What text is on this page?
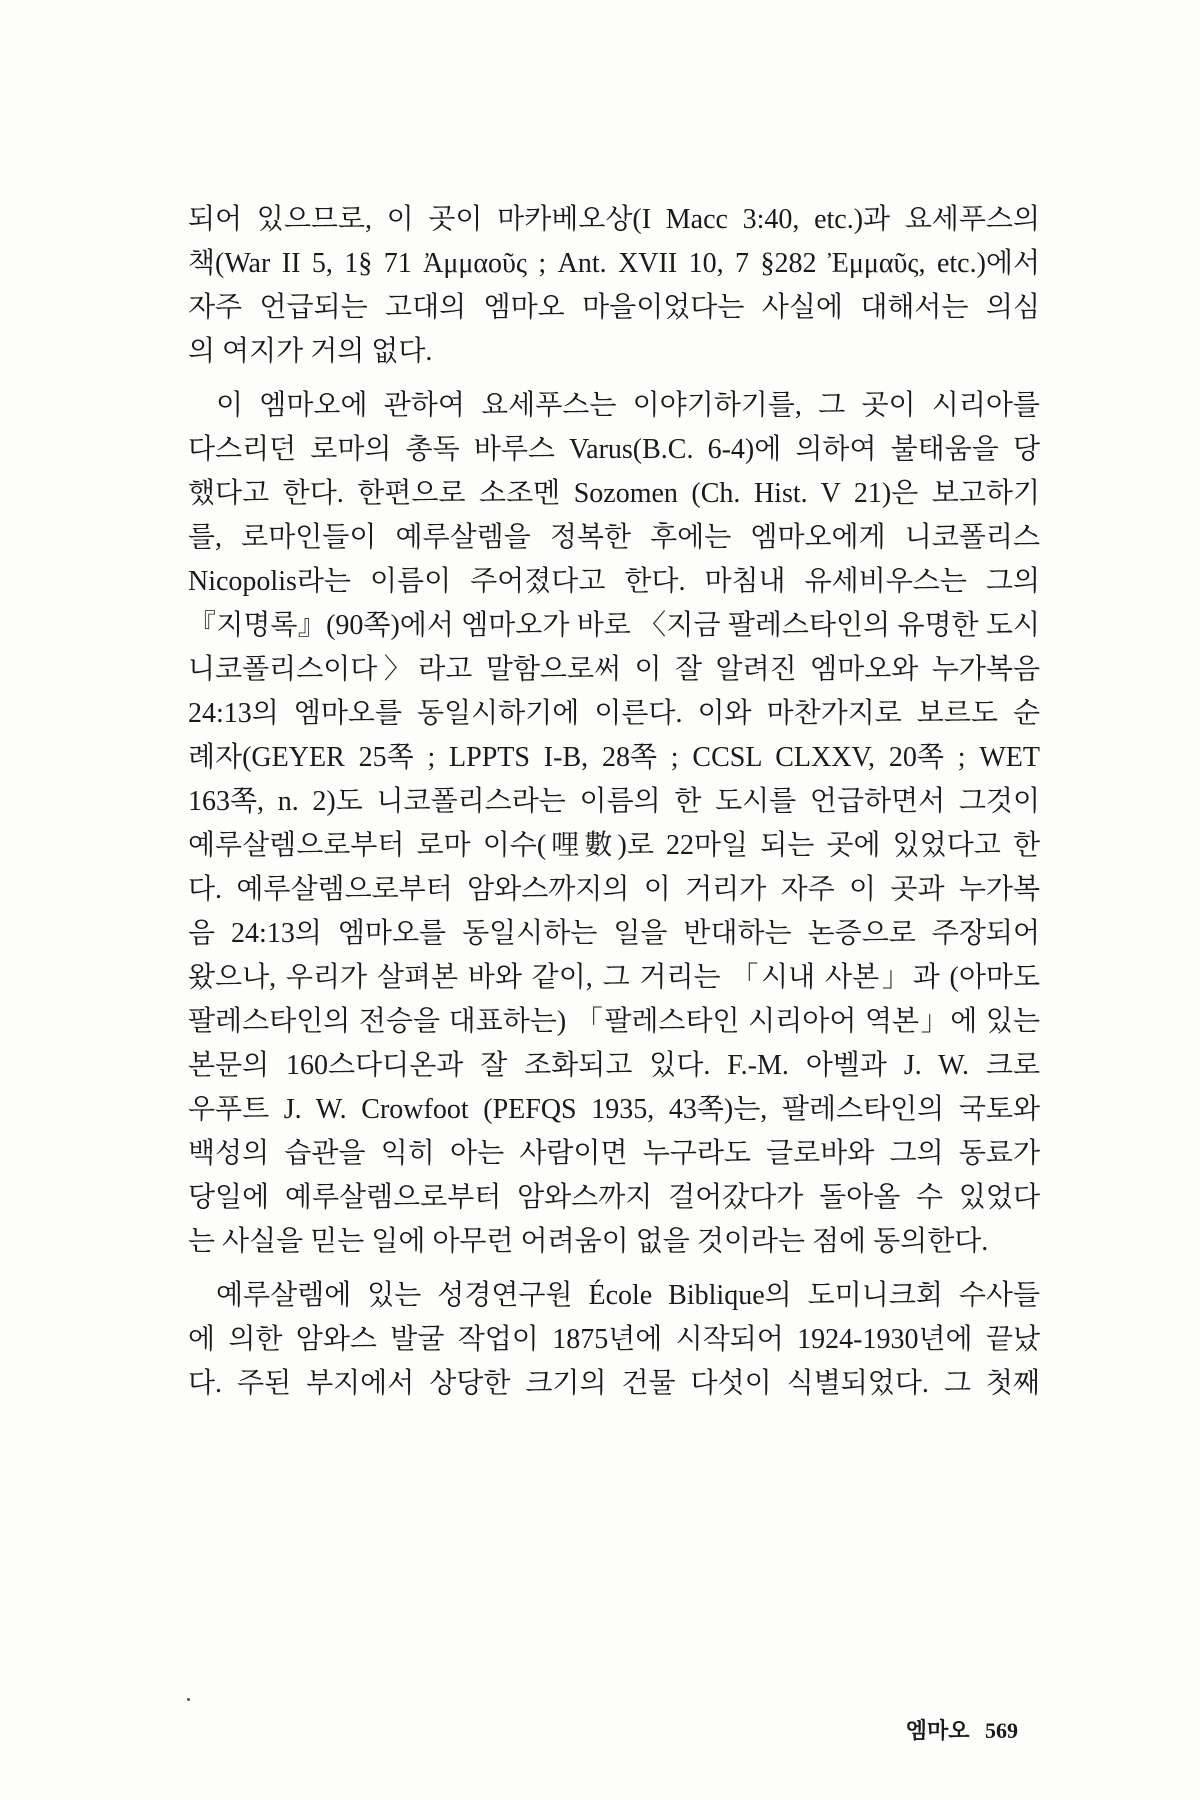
되어 있으므로, 이 곳이 마카베오상(I Macc 3:40, etc.)과 요세푸스의
책(War II 5, 1§ 71 Ἀμμαοῦς ; Ant. XVII 10, 7 §282 Ἐμμαῦς, etc.)에서
자주 언급되는 고대의 엠마오 마을이었다는 사실에 대해서는 의심
의 여지가 거의 없다.
이 엠마오에 관하여 요세푸스는 이야기하기를, 그 곳이 시리아를
다스리던 로마의 총독 바루스 Varus(B.C. 6-4)에 의하여 불태움을 당
했다고 한다. 한편으로 소조멘 Sozomen (Ch. Hist. V 21)은 보고하기
를, 로마인들이 예루살렘을 정복한 후에는 엠마오에게 니코폴리스
Nicopolis라는 이름이 주어졌다고 한다. 마침내 유세비우스는 그의
『지명록』(90쪽)에서 엠마오가 바로 〈지금 팔레스타인의 유명한 도시
니코폴리스이다〉라고 말함으로써 이 잘 알려진 엠마오와 누가복음
24:13의 엠마오를 동일시하기에 이른다. 이와 마찬가지로 보르도 순
례자(GEYER 25쪽 ; LPPTS I-B, 28쪽 ; CCSL CLXXV, 20쪽 ; WET
163쪽, n. 2)도 니코폴리스라는 이름의 한 도시를 언급하면서 그것이
예루살렘으로부터 로마 이수(哩數)로 22마일 되는 곳에 있었다고 한
다. 예루살렘으로부터 암와스까지의 이 거리가 자주 이 곳과 누가복
음 24:13의 엠마오를 동일시하는 일을 반대하는 논증으로 주장되어
왔으나, 우리가 살펴본 바와 같이, 그 거리는 「시내 사본」과 (아마도
팔레스타인의 전승을 대표하는) 「팔레스타인 시리아어 역본」에 있는
본문의 160스다디온과 잘 조화되고 있다. F.-M. 아벨과 J. W. 크로
우푸트 J. W. Crowfoot (PEFQS 1935, 43쪽)는, 팔레스타인의 국토와
백성의 습관을 익히 아는 사람이면 누구라도 글로바와 그의 동료가
당일에 예루살렘으로부터 암와스까지 걸어갔다가 돌아올 수 있었다
는 사실을 믿는 일에 아무런 어려움이 없을 것이라는 점에 동의한다.
예루살렘에 있는 성경연구원 École Biblique의 도미니크회 수사들
에 의한 암와스 발굴 작업이 1875년에 시작되어 1924-1930년에 끝났
다. 주된 부지에서 상당한 크기의 건물 다섯이 식별되었다. 그 첫째
엠마오 569
